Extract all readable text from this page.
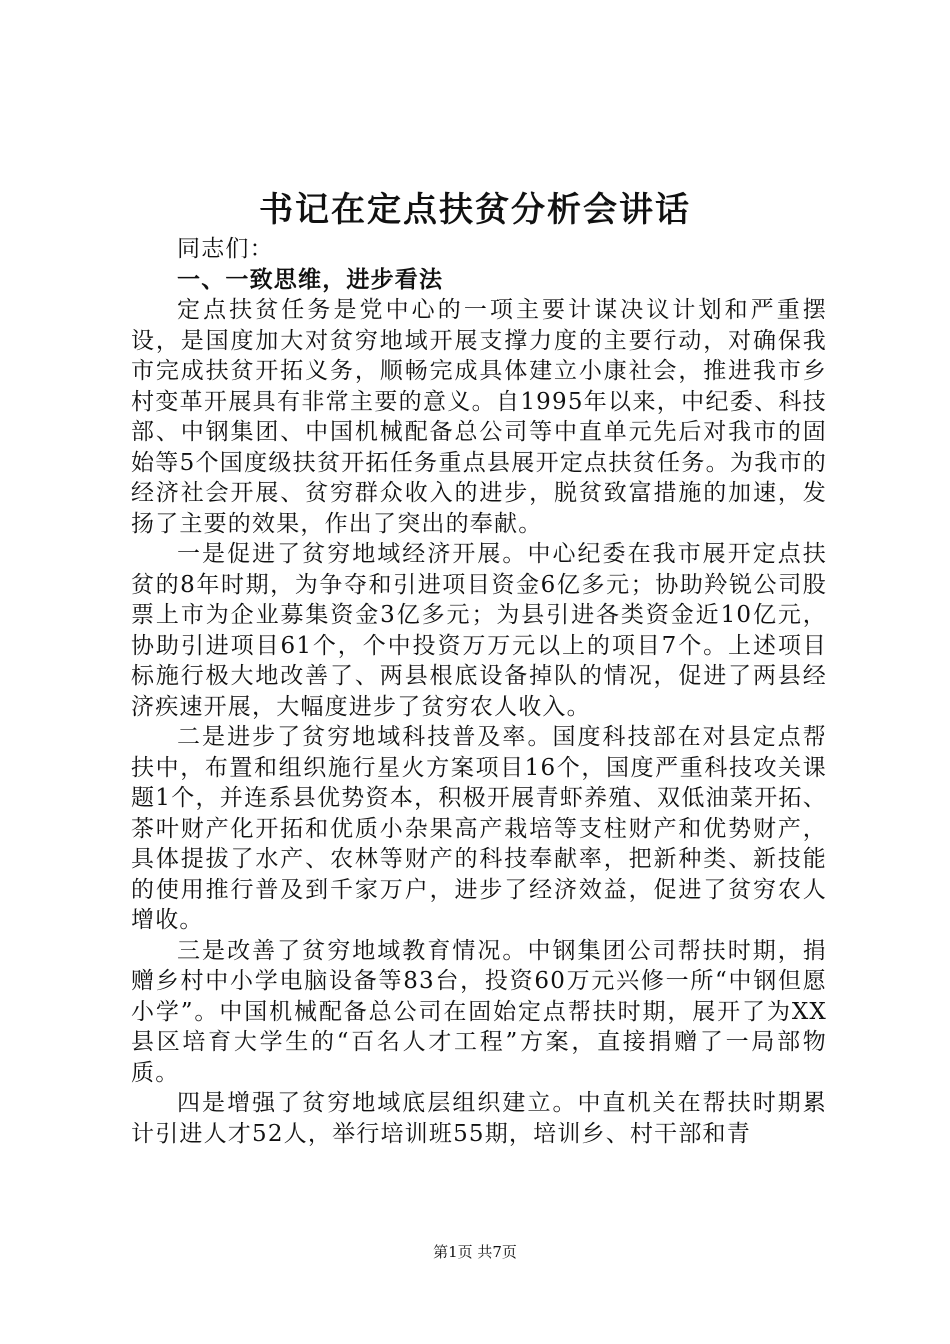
书记在定点扶贫分析会讲话

同志们：

一、一致思维，进步看法

定点扶贫任务是党中心的一项主要计谋决议计划和严重摆设，是国度加大对贫穷地域开展支撑力度的主要行动，对确保我市完成扶贫开拓义务，顺畅完成具体建立小康社会，推进我市乡村变革开展具有非常主要的意义。自1995年以来，中纪委、科技部、中钢集团、中国机械配备总公司等中直单元先后对我市的固始等5个国度级扶贫开拓任务重点县展开定点扶贫任务。为我市的经济社会开展、贫穷群众收入的进步，脱贫致富措施的加速，发扬了主要的效果，作出了突出的奉献。

一是促进了贫穷地域经济开展。中心纪委在我市展开定点扶贫的8年时期，为争夺和引进项目资金6亿多元；协助羚锐公司股票上市为企业募集资金3亿多元；为县引进各类资金近10亿元，协助引进项目61个，个中投资万万元以上的项目7个。上述项目标施行极大地改善了、两县根底设备掉队的情况，促进了两县经济疾速开展，大幅度进步了贫穷农人收入。

二是进步了贫穷地域科技普及率。国度科技部在对县定点帮扶中，布置和组织施行星火方案项目16个，国度严重科技攻关课题1个，并连系县优势资本，积极开展青虾养殖、双低油菜开拓、茶叶财产化开拓和优质小杂果高产栽培等支柱财产和优势财产，具体提拔了水产、农林等财产的科技奉献率，把新种类、新技能的使用推行普及到千家万户，进步了经济效益，促进了贫穷农人增收。

三是改善了贫穷地域教育情况。中钢集团公司帮扶时期，捐赠乡村中小学电脑设备等83台，投资60万元兴修一所“中钢但愿小学”。中国机械配备总公司在固始定点帮扶时期，展开了为XX县区培育大学生的“百名人才工程”方案，直接捐赠了一局部物质。

四是增强了贫穷地域底层组织建立。中直机关在帮扶时期累计引进人才52人，举行培训班55期，培训乡、村干部和青

第1页 共7页
